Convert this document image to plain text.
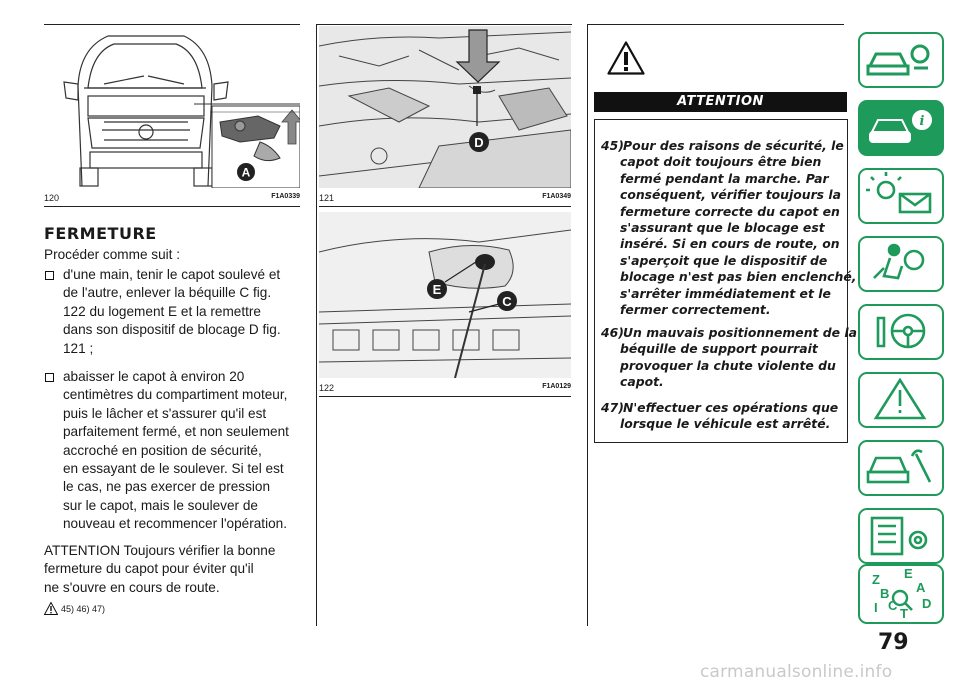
A
120	F1A0339
D
121	F1A0349
E
C
122	F1A0129
FERMETURE
Procéder comme suit :
d'une main, tenir le capot soulevé et
de l'autre, enlever la béquille C fig.
122 du logement E et la remettre
dans son dispositif de blocage D fig.
121 ;
abaisser le capot à environ 20
centimètres du compartiment moteur,
puis le lâcher et s'assurer qu'il est
parfaitement fermé, et non seulement
accroché en position de sécurité,
en essayant de le soulever. Si tel est
le cas, ne pas exercer de pression
sur le capot, mais le soulever de
nouveau et recommencer l'opération.
ATTENTION Toujours vérifier la bonne
fermeture du capot pour éviter qu'il
ne s'ouvre en cours de route.
45) 46) 47)
ATTENTION
45) Pour des raisons de sécurité, le
capot doit toujours être bien
fermé pendant la marche. Par
conséquent, vérifier toujours la
fermeture correcte du capot en
s'assurant que le blocage est
inséré. Si en cours de route, on
s'aperçoit que le dispositif de
blocage n'est pas bien enclenché,
s'arrêter immédiatement et le
fermer correctement.
46) Un mauvais positionnement de la
béquille de support pourrait
provoquer la chute violente du
capot.
47) N'effectuer ces opérations que
lorsque le véhicule est arrêté.
i
Z E
A
B
D
I C
T
79
carmanualsonline.info
